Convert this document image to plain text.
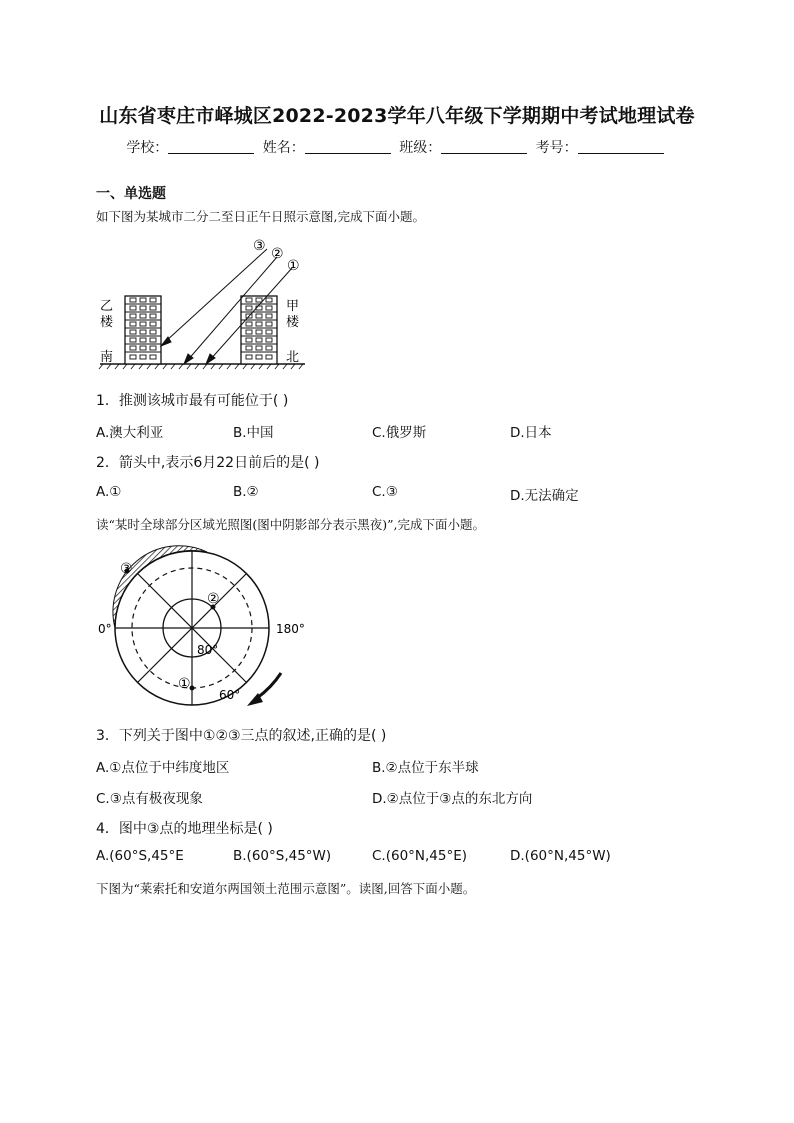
山东省枣庄市峄城区2022-2023学年八年级下学期期中考试地理试卷
学校：	姓名：	班级：	考号：
一、单选题
如下图为某城市二分二至日正午日照示意图,完成下面小题。
③ ②
①
乙
楼
甲
楼
南	北
1．推测该城市最有可能位于( )
A.澳大利亚	B.中国	C.俄罗斯	D.日本
2．箭头中,表示6月22日前后的是( )
A.①	B.②	C.③	D.无法确定
读“某时全球部分区域光照图(图中阴影部分表示黑夜)”,完成下面小题。
③
②
①
0°	180°
80°
60°
3．下列关于图中①②③三点的叙述,正确的是( )
A.①点位于中纬度地区	B.②点位于东半球
C.③点有极夜现象	D.②点位于③点的东北方向
4．图中③点的地理坐标是( )
A.(60°S,45°E	B.(60°S,45°W)	C.(60°N,45°E)	D.(60°N,45°W)
下图为“莱索托和安道尔两国领土范围示意图”。读图,回答下面小题。
